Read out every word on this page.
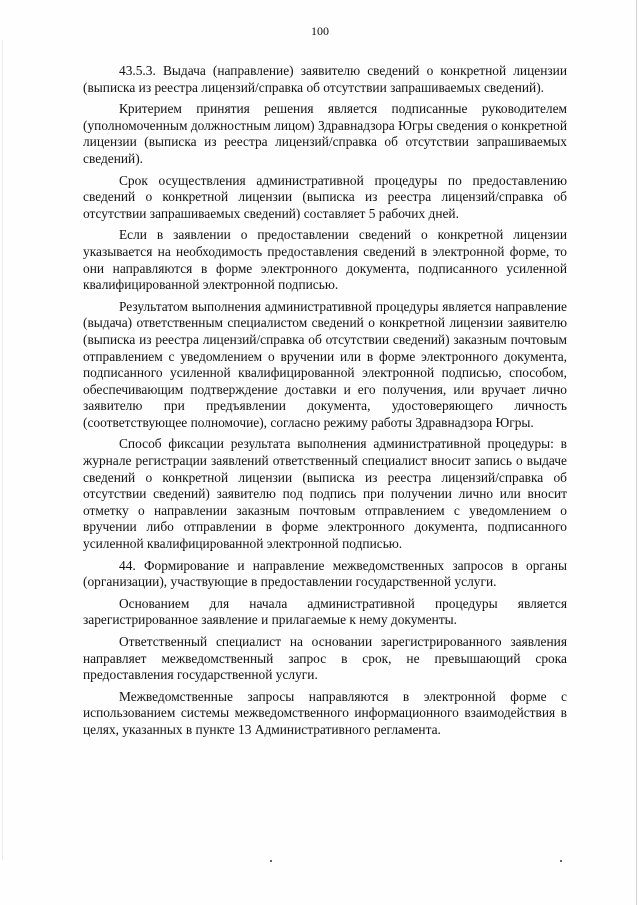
100

43.5.3. Выдача (направление) заявителю сведений о конкретной лицензии (выписка из реестра лицензий/справка об отсутствии запрашиваемых сведений).

Критерием принятия решения является подписанные руководителем (уполномоченным должностным лицом) Здравнадзора Югры сведения о конкретной лицензии (выписка из реестра лицензий/справка об отсутствии запрашиваемых сведений).

Срок осуществления административной процедуры по предоставлению сведений о конкретной лицензии (выписка из реестра лицензий/справка об отсутствии запрашиваемых сведений) составляет 5 рабочих дней.

Если в заявлении о предоставлении сведений о конкретной лицензии указывается на необходимость предоставления сведений в электронной форме, то они направляются в форме электронного документа, подписанного усиленной квалифицированной электронной подписью.

Результатом выполнения административной процедуры является направление (выдача) ответственным специалистом сведений о конкретной лицензии заявителю (выписка из реестра лицензий/справка об отсутствии сведений) заказным почтовым отправлением с уведомлением о вручении или в форме электронного документа, подписанного усиленной квалифицированной электронной подписью, способом, обеспечивающим подтверждение доставки и его получения, или вручает лично заявителю при предъявлении документа, удостоверяющего личность (соответствующее полномочие), согласно режиму работы Здравнадзора Югры.

Способ фиксации результата выполнения административной процедуры: в журнале регистрации заявлений ответственный специалист вносит запись о выдаче сведений о конкретной лицензии (выписка из реестра лицензий/справка об отсутствии сведений) заявителю под подпись при получении лично или вносит отметку о направлении заказным почтовым отправлением с уведомлением о вручении либо отправлении в форме электронного документа, подписанного усиленной квалифицированной электронной подписью.

44. Формирование и направление межведомственных запросов в органы (организации), участвующие в предоставлении государственной услуги.

Основанием для начала административной процедуры является зарегистрированное заявление и прилагаемые к нему документы.

Ответственный специалист на основании зарегистрированного заявления направляет межведомственный запрос в срок, не превышающий срока предоставления государственной услуги.

Межведомственные запросы направляются в электронной форме с использованием системы межведомственного информационного взаимодействия в целях, указанных в пункте 13 Административного регламента.
